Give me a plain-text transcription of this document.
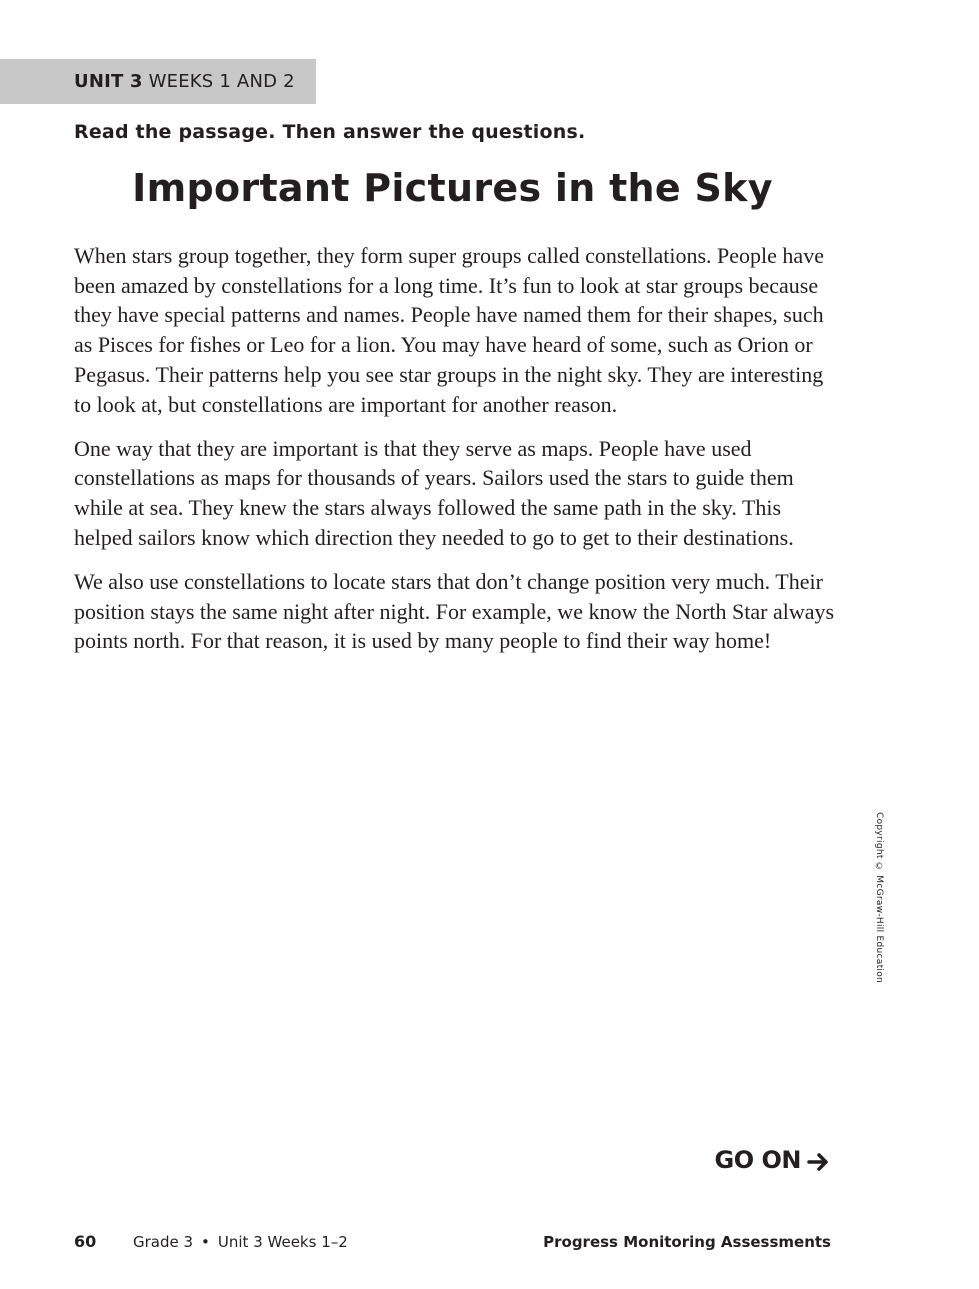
UNIT 3 WEEKS 1 AND 2
Read the passage. Then answer the questions.
Important Pictures in the Sky

When stars group together, they form super groups called constellations. People have been amazed by constellations for a long time. It’s fun to look at star groups because they have special patterns and names. People have named them for their shapes, such as Pisces for fishes or Leo for a lion. You may have heard of some, such as Orion or Pegasus. Their patterns help you see star groups in the night sky. They are interesting to look at, but constellations are important for another reason.

One way that they are important is that they serve as maps. People have used constellations as maps for thousands of years. Sailors used the stars to guide them while at sea. They knew the stars always followed the same path in the sky. This helped sailors know which direction they needed to go to get to their destinations.

We also use constellations to locate stars that don’t change position very much. Their position stays the same night after night. For example, we know the North Star always points north. For that reason, it is used by many people to find their way home!

Copyright © McGraw-Hill Education
GO ON
60 Grade 3 • Unit 3 Weeks 1–2	Progress Monitoring Assessments
